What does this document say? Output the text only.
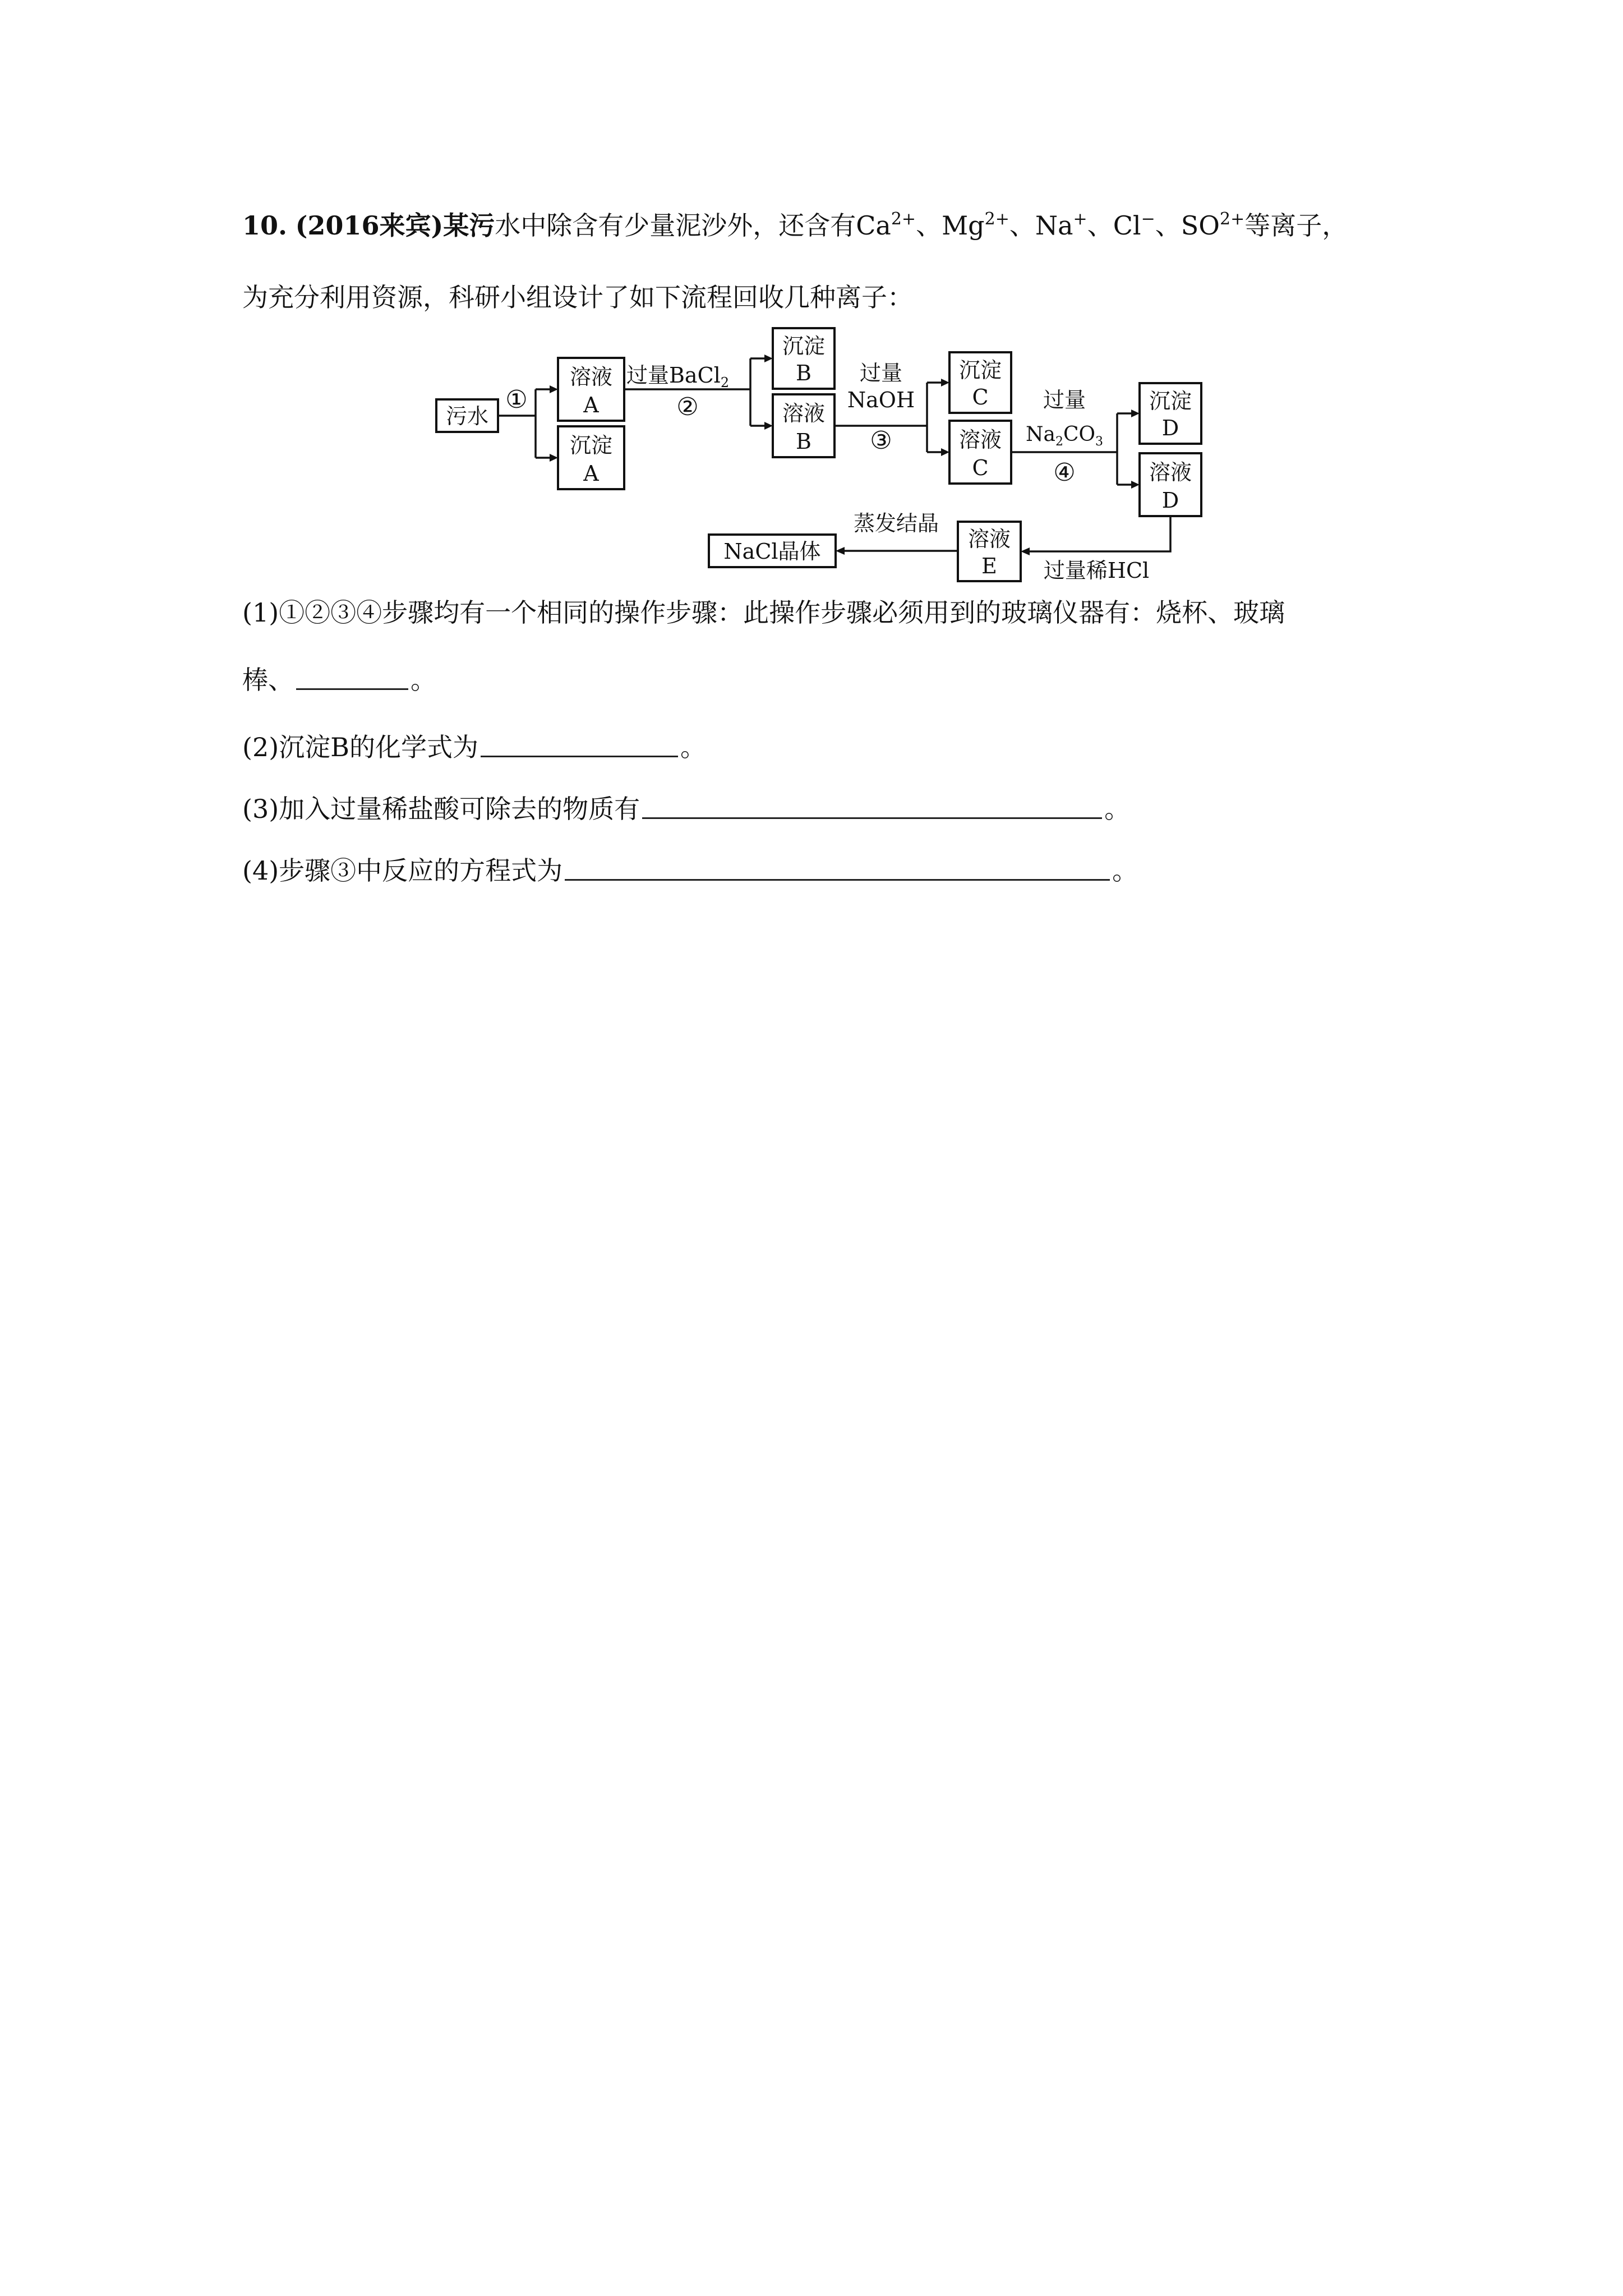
10. (2016来宾)某污水中除含有少量泥沙外，还含有$Ca^{2+}$、$Mg^{2+}$、Na+、Cl−、$SO^{2+}$等离子，
为充分利用资源，科研小组设计了如下流程回收几种离子：
污水
溶液
A
沉淀
A
沉淀
B
溶液
B
沉淀
C
溶液
C
沉淀
D
溶液
D
溶液
E
NaCl晶体
①
过量BaCl$_2$
②
过量
NaOH
③
过量
$Na_2CO_3$
④
蒸发结晶
过量稀HCl
(1)①②③④步骤均有一个相同的操作步骤：此操作步骤必须用到的玻璃仪器有：烧杯、玻璃
棒、	。
(2)沉淀B的化学式为	。
(3)加入过量稀盐酸可除去的物质有	。
(4)步骤③中反应的方程式为	。
